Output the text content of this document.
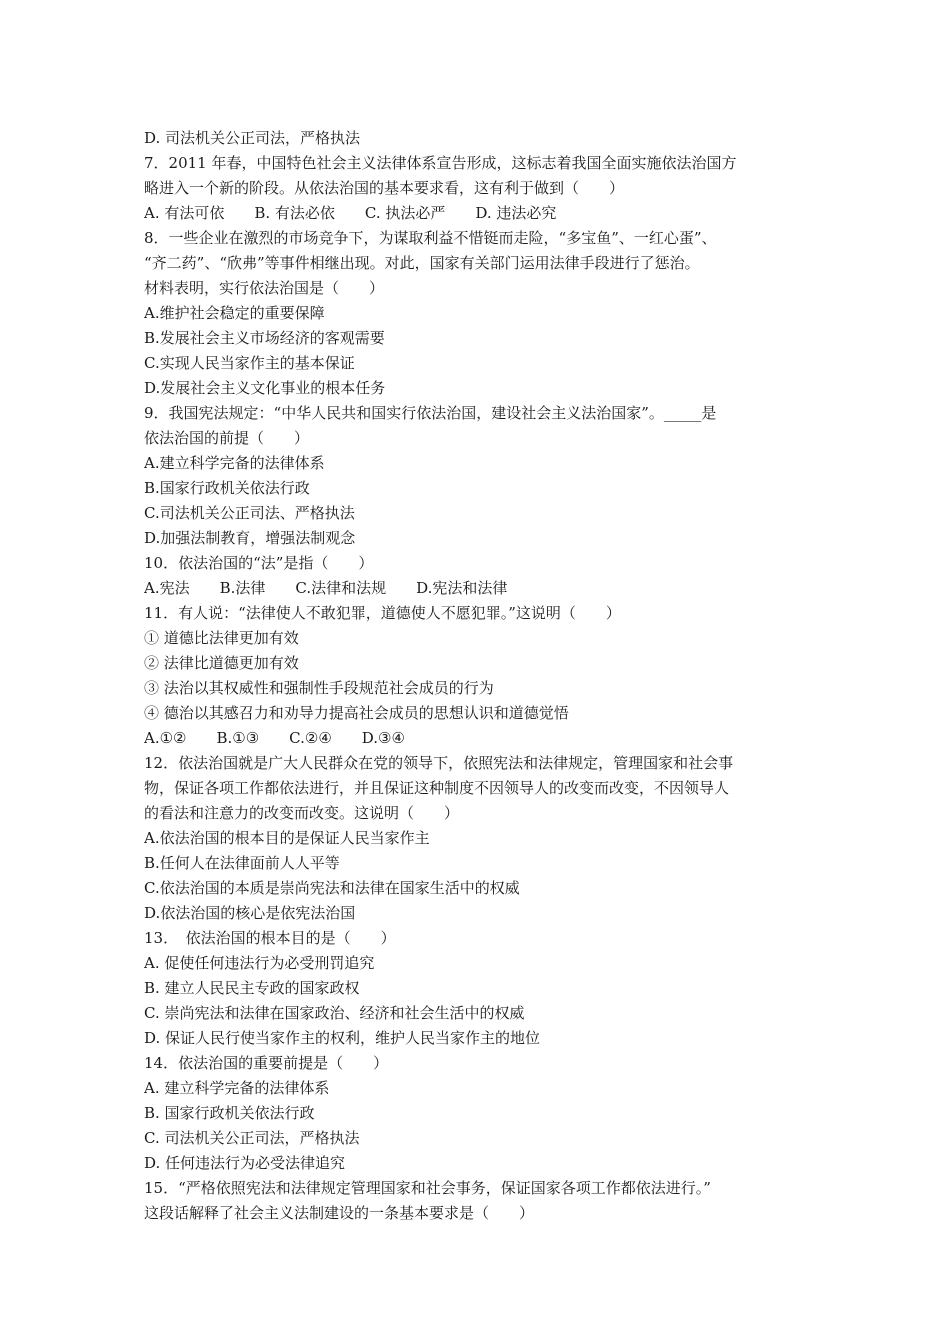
D. 司法机关公正司法，严格执法
7．2011 年春，中国特色社会主义法律体系宣告形成，这标志着我国全面实施依法治国方
略进入一个新的阶段。从依法治国的基本要求看，这有利于做到（　　）
A. 有法可依　　B. 有法必依　　C. 执法必严　　D. 违法必究
8．一些企业在激烈的市场竞争下，为谋取利益不惜铤而走险，“多宝鱼”、一红心蛋”、
“齐二药”、“欣弗”等事件相继出现。对此，国家有关部门运用法律手段进行了惩治。
材料表明，实行依法治国是（　　）
A.维护社会稳定的重要保障
B.发展社会主义市场经济的客观需要
C.实现人民当家作主的基本保证
D.发展社会主义文化事业的根本任务
9．我国宪法规定：“中华人民共和国实行依法治国，建设社会主义法治国家”。_____是
依法治国的前提（　　）
A.建立科学完备的法律体系
B.国家行政机关依法行政
C.司法机关公正司法、严格执法
D.加强法制教育，增强法制观念
10．依法治国的“法”是指（　　）
A.宪法　　B.法律　　C.法律和法规　　D.宪法和法律
11．有人说：“法律使人不敢犯罪，道德使人不愿犯罪。”这说明（　　）
① 道德比法律更加有效
② 法律比道德更加有效
③ 法治以其权威性和强制性手段规范社会成员的行为
④ 德治以其感召力和劝导力提高社会成员的思想认识和道德觉悟
A.①②　　B.①③　　C.②④　　D.③④
12．依法治国就是广大人民群众在党的领导下，依照宪法和法律规定，管理国家和社会事
物，保证各项工作都依法进行，并且保证这种制度不因领导人的改变而改变，不因领导人
的看法和注意力的改变而改变。这说明（　　）
A.依法治国的根本目的是保证人民当家作主
B.任何人在法律面前人人平等
C.依法治国的本质是崇尚宪法和法律在国家生活中的权威
D.依法治国的核心是依宪法治国
13．　依法治国的根本目的是（　　）
A. 促使任何违法行为必受刑罚追究
B. 建立人民民主专政的国家政权
C. 崇尚宪法和法律在国家政治、经济和社会生活中的权威
D. 保证人民行使当家作主的权利，维护人民当家作主的地位
14．依法治国的重要前提是（　　）
A. 建立科学完备的法律体系
B. 国家行政机关依法行政
C. 司法机关公正司法，严格执法
D. 任何违法行为必受法律追究
15．“严格依照宪法和法律规定管理国家和社会事务，保证国家各项工作都依法进行。”
这段话解释了社会主义法制建设的一条基本要求是（　　）
